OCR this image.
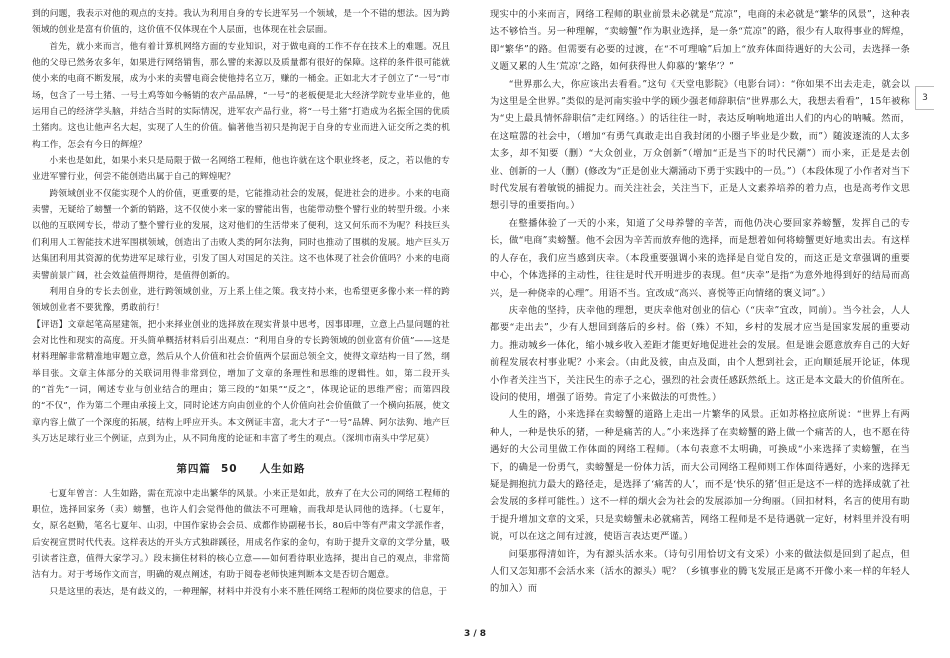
到的问题，我表示对他的观点的支持。我认为利用自身的专长进军另一个领域，是一个不错的想法。因为跨领域的创业是富有价值的，这价值不仅体现在个人层面，也体现在社会层面。

首先，就小来而言，他有着计算机网络方面的专业知识，对于做电商的工作不存在技术上的难题。况且他的父母已然务农多年，如果进行网络销售，那么譬的来源以及质量都有很好的保障。这样的条件很可能就使小来的电商不断发展，成为小来的卖譬电商会使他持名立万，赚的一桶金。正如北大才子创立了“一号”市场，包含了一号土猪、一号土鸡等如今畅销的农产品品牌，“一号”的老板便是北大经济学院专业毕业的，他运用自己的经济学头脑，并结合当时的实际情况，进军农产品行业，将“一号土猪”打造成为名振全国的优质土猪肉。这也让他声名大起，实现了人生的价值。偏著他当初只是拘泥于自身的专业而进入证交所之类的机构工作，怎会有今日的辉煌？

小来也是如此，如果小来只是局限于做一名网络工程师，他也许就在这个职业终老，反之，若以他的专业进军譬行业，何尝不能创造出属于自己的辉煌呢？

跨领域创业不仅能实现个人的价值，更重要的是，它能推动社会的发展，促进社会的进步。小来的电商卖譬，无疑给了螃蟹一个新的销路，这不仅使小来一家的譬能出售，也能带动整个譬行业的转型升级。小来以他的互联网专长，带动了整个譬行业的发展，这对他们的生活带来了便利，这又何乐而不为呢？科技巨头们利用人工智能技术进军围棋领域，创造出了击败人类的阿尔法狗，同时也推动了围棋的发展。地产巨头万达集团利用其资源的优势进军足球行业，引发了国人对国足的关注。这不也体现了社会价值吗？小来的电商卖譬前景广阔，社会效益值得期待，是值得创新的。

利用自身的专长去创业，进行跨领域创业，万上系上佳之策。我支持小来，也希望更多像小来一样的跨领域创业者不要犹豫，勇敢前行！

【评语】文章起笔高屋建瓴，把小来择业创业的选择放在现实背景中思考，因事即理，立意上凸显问题的社会对比性和现实的高度。开头简单概括材料后引出观点：“利用自身的专长跨领域的创业富有价值”——这是材料理解非常精准地审题立意，然后从个人价值和社会价值两个层面总领全文，使得文章结构一目了然，纲举目张。文章主体部分的关联词用得非常到位，增加了文章的条理性和思维的逻辑性。如，第二段开头的“首先”一词，阐述专业与创业结合的理由；第三段的“如果”“反之”，体现论证的思维严密；而第四段的“不仅”，作为第二个理由承接上文，同时论述方向由创业的个人价值向社会价值做了一个横向拓展，使文章内容上做了一个深度的拓展，结构上呼应开头。本文例证丰富，北大才子“一号”品牌、阿尔法狗、地产巨头万达足球行业三个例证，点到为止，从不同角度的论证和丰富了考生的观点。（深圳市南头中学尼莫）

第四篇 50 人生如路

七夏年曾言：人生如路，需在荒凉中走出繁华的风景。小来正是如此，放弃了在大公司的网络工程师的职位，选择回家务（卖）螃蟹，也许人们会觉得他的做法不可理喻，而我却是认同他的选择。（七夏年，女，原名赵勤，笔名七夏年、山羽，中国作家协会会员、成都作协副秘书长，80后中等有严肃文学派作者，后安视宣贯时代代表。这样表达的开头方式独辟蹊径，用成名作家的金句，有助于提升文章的文学分量，吸引读者注意，值得大家学习。）段末摘住材料的核心立意——如何看待职业选择，提出自己的观点，非常简洁有力。对于考场作文而言，明确的观点阐述，有助于阅卷老师快速判断本文是否切合题意。

只是这里的表达，是有歧义的，一种理解，材料中并没有小来不胜任网络工程师的岗位要求的信息，于

现实中的小来而言，网络工程师的职业前景未必就是“荒凉”，电商的未必就是“繁华的风景”，这种表达不够恰当。另一种理解，“卖螃蟹”作为职业选择，是一条“荒凉”的路，很少有人取得事业的辉煌，即“繁华”的路。但需要有必要的过渡，在“不可理喻”后加上“放弃体面待遇好的大公司，去选择一条义题又累的人生‘荒凉’之路，如何获得世人仰慕的‘繁华’？”

“世界那么大，你应该出去看看。”这句《天堂电影院》（电影台词）：“你如果不出去走走，就会以为这里是全世界。”类似的是河南实验中学的顾少强老师辞职信“世界那么大，我想去看看”，15年被称为“史上最具情怀辞职信”走红网络。）的话往往一时，表达反响响地道出人们的内心的呐喊。然而，在这喧嚣的社会中，（增加“有勇气真敢走出自我封闭的小圈子毕业是少数，而”）随波逐流的人太多太多，却不知要（删）“大众创业，万众创新”（增加“正是当下的时代民潮”）而小来，正是是去创业、创新的一人（删）(修改为“正是创业大潮涌动下勇于实践中的一员。”）（本段体现了小作者对当下时代发展有着敏锐的捕捉力。而关注社会，关注当下，正是人文素养培养的着力点，也是高考作文思想引导的重要指向。）

在整播体验了一天的小来，知道了父母养譬的辛苦，而他仍决心要回家养螃蟹，发挥自己的专长，做“电商”卖螃蟹。他不会因为辛苦而放弃他的选择，而是想着如何将螃蟹更好地卖出去。有这样的人存在，我们应当感到庆幸。（本段重要强调小来的选择是自觉自发的，而这正是文章强调的重要中心，个体选择的主动性，往往是时代开明进步的表现。但“庆幸”是指“为意外地得到好的结局而高兴，是一种侥幸的心理”。用语不当。宜改成“高兴、喜悦等正向情绪的褒义词”。）

庆幸他的坚持，庆幸他的理想，更庆幸他对创业的信心（“庆幸”宜改，同前）。当今社会，人人都要“走出去”，少有人想回到落后的乡村。俗（殊）不知，乡村的发展才应当是国家发展的重要动力。推动城乡一体化，缩小城乡收入差距才能更好地促进社会的发展。但是谁会愿意放弃自己的大好前程发展农村事业呢？小来会。（由此及彼，由点及面，由个人想到社会，正向顺延展开论证，体现小作者关注当下，关注民生的赤子之心，强烈的社会责任感跃然纸上。这正是本文最大的价值所在。设问的使用，增强了语势。肯定了小来做法的可贵性。）

人生的路，小来选择在卖螃蟹的道路上走出一片繁华的风景。正如苏格拉底所说：“世界上有两种人，一种是快乐的猪，一种是痛苦的人。”小来选择了在卖螃蟹的路上做一个痛苦的人，也不愿在待遇好的大公司里做工作体面的网络工程师。（本句表意不太明确，可换成“小来选择了卖螃蟹，在当下，的确是一份勇气，卖螃蟹是一份体力活，而大公司网络工程师则工作体面待遇好，小来的选择无疑是拥抱抗力最大的路径走，是选择了‘痛苦的人’，而不是‘快乐的猪’但正是这不一样的选择成就了社会发展的多样可能性。）这不一样的烟火会为社会的发展添加一分绚丽。（回扣材料，名言的使用有助于提升增加文章的文采，只是卖螃蟹未必就痛苦，网络工程师是不是待遇就一定好，材料里并没有明说，可以在这之间有过渡，使语言表达更严谨。）

问渠那得清如许，为有源头活水来。（诗句引用恰切文有文采）小来的做法似是回到了起点，但人们又怎知那不会活水来（活水的源头）呢？（乡镇事业的腾飞发展正是离不开像小来一样的年轻人的加入）而

3
3 / 8
